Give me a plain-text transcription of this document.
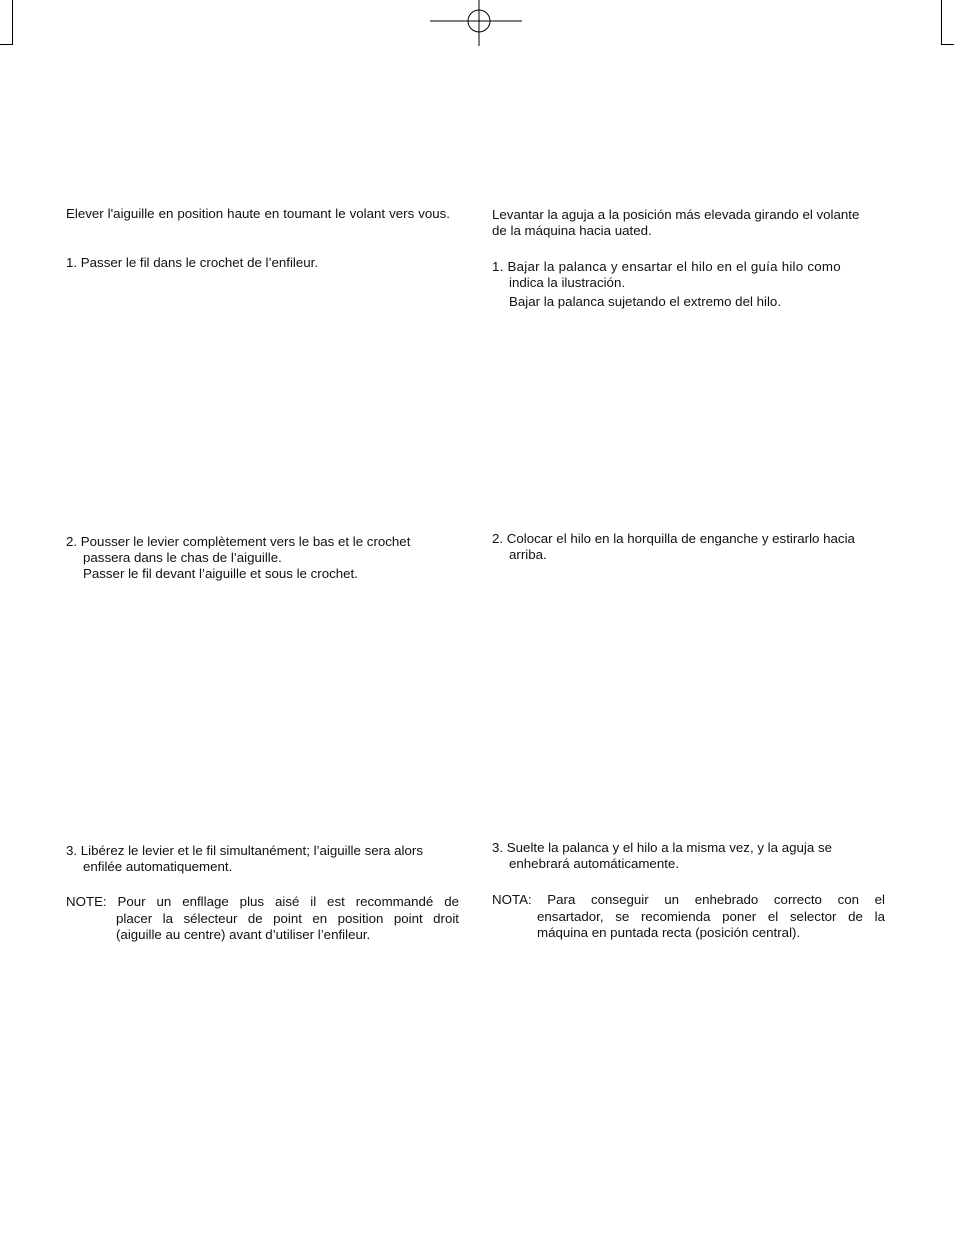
Elever l'aiguille en position haute en toumant le volant vers vous.

1. Passer le fil dans le crochet de l’enfileur.

2. Pousser le levier complètement vers le bas et le crochet
passera dans le chas de l’aiguille.
Passer le fil devant l’aiguille et sous le crochet.
3. Libérez le levier et le fil simultanément; l’aiguille sera alors
enfilée automatiquement.
NOTE: Pour un enfllage plus aisé il est recommandé de
placer la sélecteur de point en position point droit
(aiguille au centre) avant d’utiliser l’enfileur.
Levantar la aguja a la posición más elevada girando el volante
de la máquina hacia uated.
1. Bajar la palanca y ensartar el hilo en el guía hilo como
indica la ilustración.
Bajar la palanca sujetando el extremo del hilo.
2. Colocar el hilo en la horquilla de enganche y estirarlo hacia
arriba.
3. Suelte la palanca y el hilo a la misma vez, y la aguja se
enhebrará automáticamente.
NOTA: Para conseguir un enhebrado correcto con el
ensartador, se recomienda poner el selector de la
máquina en puntada recta (posición central).
